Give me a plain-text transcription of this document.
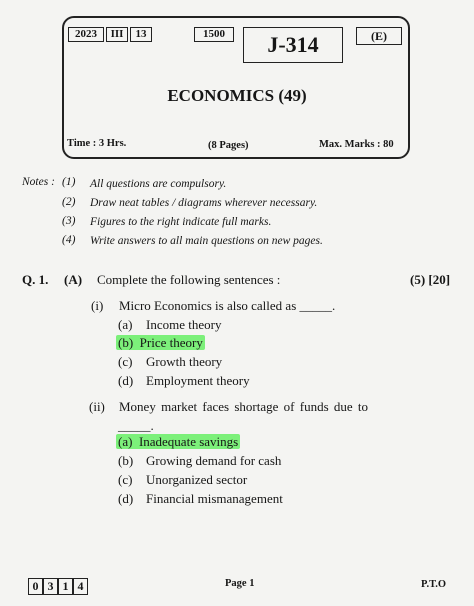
2023	III	13	1500	J-314	(E)
ECONOMICS (49)
Time : 3 Hrs.	(8 Pages)	Max. Marks : 80
Notes : (1) All questions are compulsory.
(2) Draw neat tables / diagrams wherever necessary.
(3) Figures to the right indicate full marks.
(4) Write answers to all main questions on new pages.
Q. 1. (A) Complete the following sentences :	(5) [20]
(i) Micro Economics is also called as _____.
(a) Income theory
(b) Price theory
(c) Growth theory
(d) Employment theory
(ii) Money market faces shortage of funds due to
_____.
(a) Inadequate savings
(b) Growing demand for cash
(c) Unorganized sector
(d) Financial mismanagement
0 3 1 4	Page 1	P.T.O
